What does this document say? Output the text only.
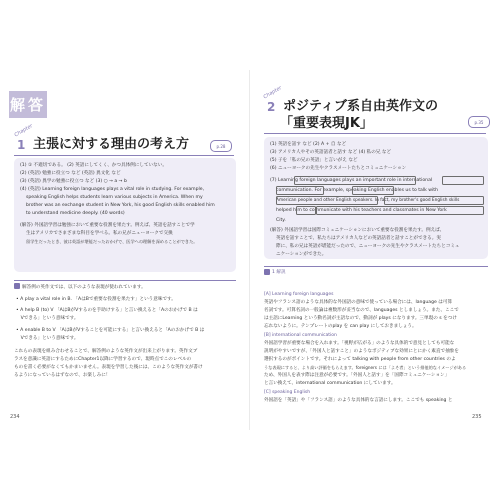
解答
Chapter
1 主張に対する理由の考え方	p.28
(1) ① 不適切である。 (2) 英語にしてくく、かつ具体例にしていない。
(2) (英語) 勉強に役立つ など (英語) 異文化 など
(3) (英語) 異学の勉強に役立つ など (3) ○ → a → b
(4) (英語) Learning foreign languages plays a vital role in studying. For example,
speaking English helps students learn various subjects in America. When my
brother was an exchange student in New York, his good English skills enabled him
to understand medicine deeply. (40 words)
(解答) 外国語学習は勉強において重要な役割を果たす。例えば、英語を話すことで学
生はアメリカでさまざまな科目を学べる。私の兄がニューヨークで交換
留学生だったとき、彼は英語が堪能だったおかげで、医学への理解を深めることができた。
解答例の英作文では、以下のような表現が使われています。
• A play a vital role in B. 「AはBで重要な役割を果たす」という意味です。
• A help B (to) V 「AはBがVするのを手助けする」と言い換えると「Aのおかげで B は
　Vできる」という意味です。
• A enable B to V 「AはBがVすることを可能にする」と言い換えると「Aのおかげで B は
　Vできる」という意味です。
これらの表現を組み合わせることで、解答例のような英作文が出来上がります。英作文ブ
ラスを意識に英語にするためにChapter1以降に学習するので、現時点でこのレベルの
ものを書く必要がなくてもかまいません。表現を学習した後には、このような英作文が書け
るようになっているはずなので、お楽しみに！
234
Chapter
2 ポジティブ系自由英作文の
「重要表現JK」	p.35
(1) 英語を話す など (2) A + 自 など
(3) アメリカ人やその英語話者と話す など (4) 私の兄 など
(5) 子を「私の兄の英語」と言いがえ など
(6) ニューヨークの先生やクラスメートたちとコミュニケーション
(7) Learning foreign languages plays an important role in international
communication. For example, speaking English enables us to talk with
American people and other English speakers. In fact, my brother's good English skills
helped him to communicate with his teachers and classmates in New York
City.
(解答) 外国語学習は国際コミュニケーションにおいて重要な役割を果たす。例えば、
英語を話すことで、私たちはアメリカ人などの英語話者と話すことができる。実
際に、私の兄は英語が堪能だったので、ニューヨークの先生やクラスメートたちとコミュ
ニケーションができた。
1 解説
[A] Learning foreign languages
英語やフランス語のような具体的な外国語の意味で使っている場合には、language は可算
名詞です。可算名詞の一般論は複数形が妥当なので、languages としましょう。また、ここで
は主語にLearning という動名詞が主語なので、動詞が plays になります。三単現の s をつけ
忘れないように。テンプレートのplay を can play にしておきましょう。
[B] international communication
外国語学習が重要な場合を入れます。「視野が広がる」のような具体的で意見としても可能な
説明がやすいですが、「外国人と話すこと」のようなポジティブな効果にとにかく素直で抽象を
選択するのがポイントです。それによって talking with people from other countries のよ
うな表現にすると、より高い評価をもらえます。foreigners には「よそ者」という排他的なイメージがある
ため、外国人を表す際は注意が必要です。「外国人と話す」を「国際コミュニケーション」
と言い換えて、international communication にしています。
[C] speaking English
外国語を「英語」や「フランス語」のような具体的な言語にします。ここでも speaking と
235
